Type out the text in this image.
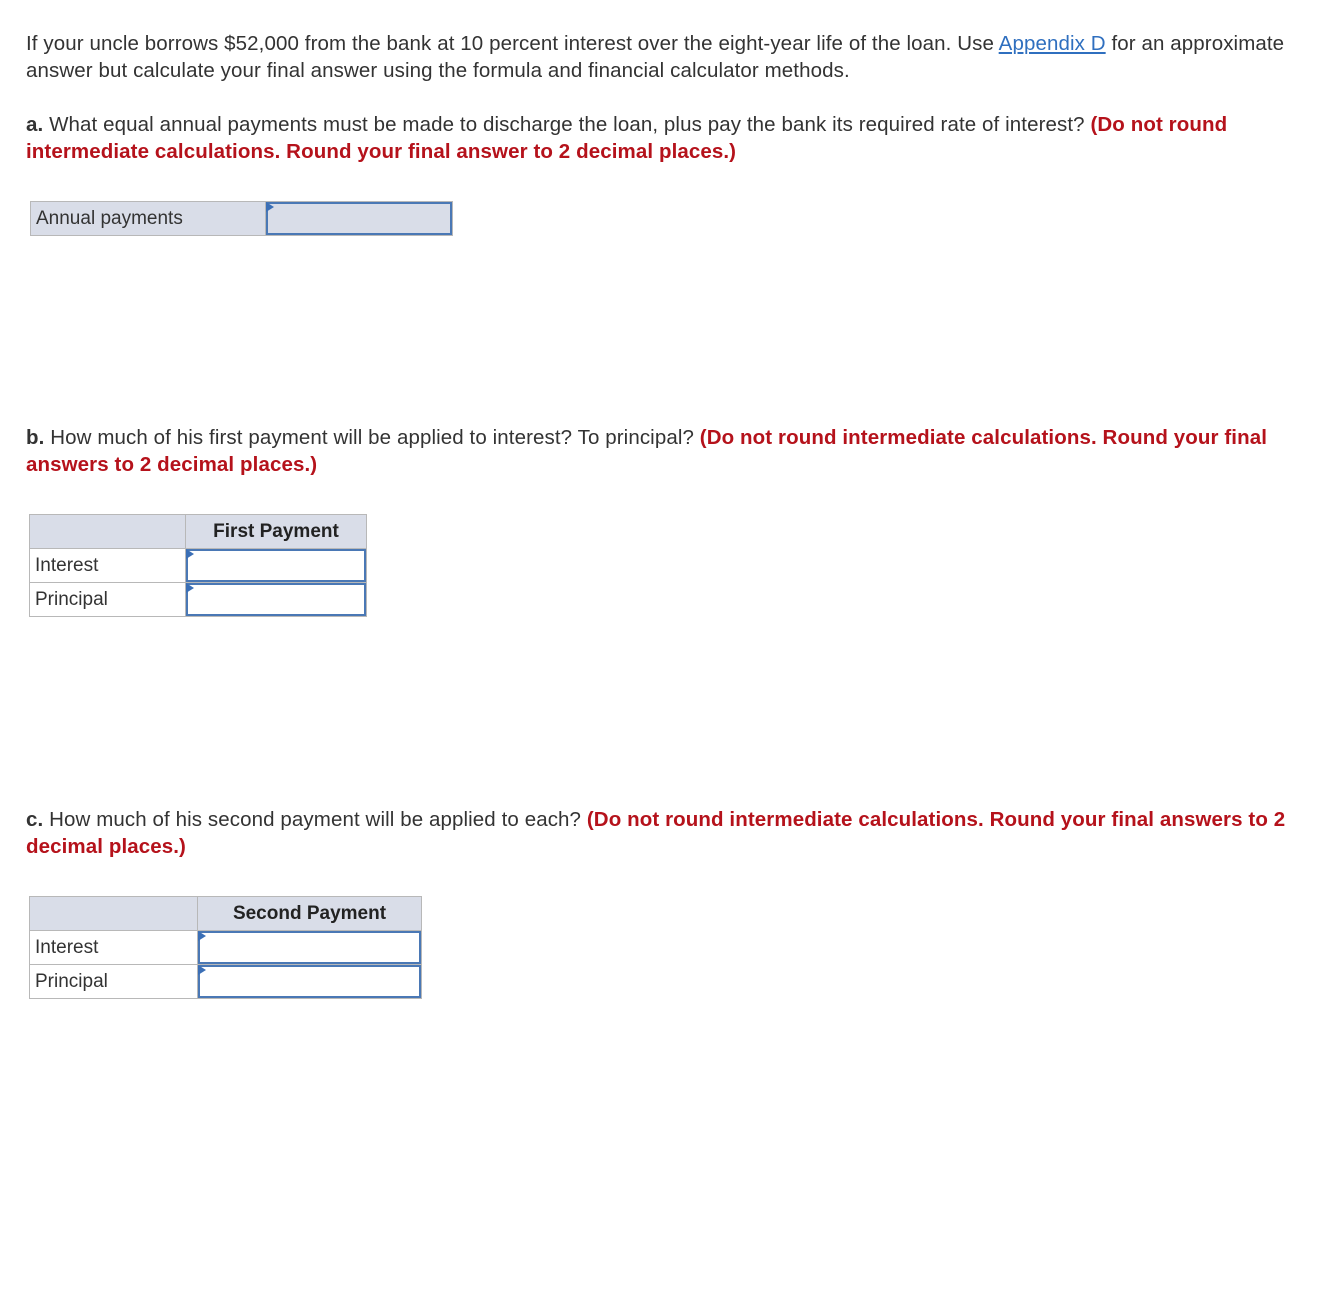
If your uncle borrows $52,000 from the bank at 10 percent interest over the eight-year life of the loan. Use Appendix D for an approximate answer but calculate your final answer using the formula and financial calculator methods.
a. What equal annual payments must be made to discharge the loan, plus pay the bank its required rate of interest? (Do not round intermediate calculations. Round your final answer to 2 decimal places.)
Annual payments	
b. How much of his first payment will be applied to interest? To principal? (Do not round intermediate calculations. Round your final answers to 2 decimal places.)
	First Payment
Interest	

Principal	
c. How much of his second payment will be applied to each? (Do not round intermediate calculations. Round your final answers to 2 decimal places.)
	Second Payment
Interest	

Principal	
